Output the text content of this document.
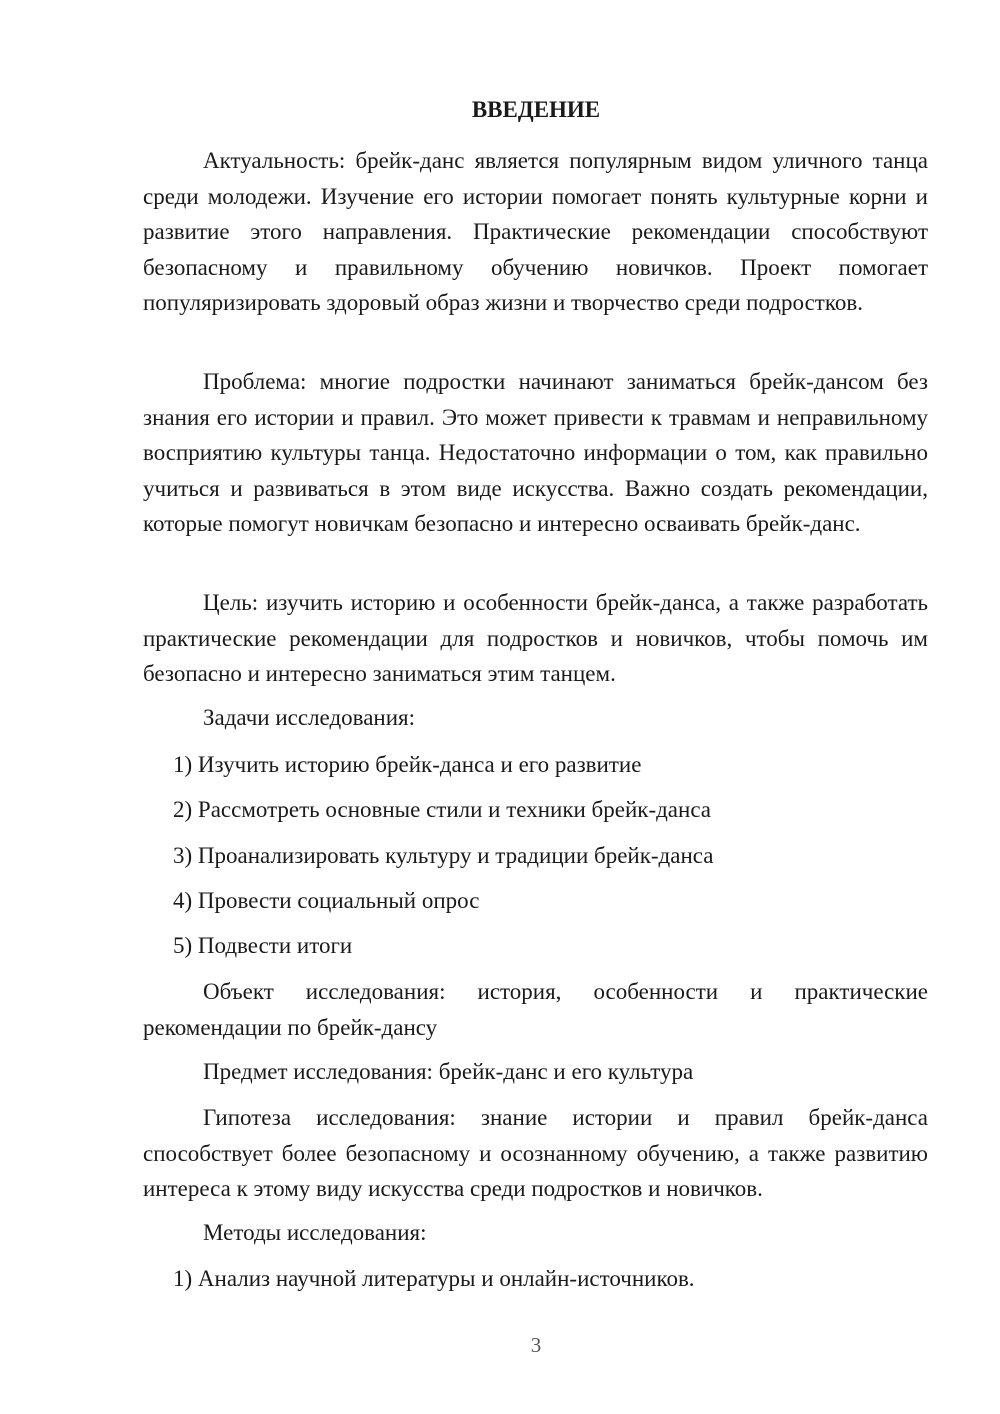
ВВЕДЕНИЕ

Актуальность: брейк-данс является популярным видом уличного танца среди молодежи. Изучение его истории помогает понять культурные корни и развитие этого направления. Практические рекомендации способствуют безопасному и правильному обучению новичков. Проект помогает популяризировать здоровый образ жизни и творчество среди подростков.

Проблема: многие подростки начинают заниматься брейк-дансом без знания его истории и правил. Это может привести к травмам и неправильному восприятию культуры танца. Недостаточно информации о том, как правильно учиться и развиваться в этом виде искусства. Важно создать рекомендации, которые помогут новичкам безопасно и интересно осваивать брейк-данс.

Цель: изучить историю и особенности брейк-данса, а также разработать практические рекомендации для подростков и новичков, чтобы помочь им безопасно и интересно заниматься этим танцем.

Задачи исследования:

1) Изучить историю брейк-данса и его развитие

2) Рассмотреть основные стили и техники брейк-данса

3) Проанализировать культуру и традиции брейк-данса

4) Провести социальный опрос

5) Подвести итоги

Объект исследования: история, особенности и практические рекомендации по брейк-дансу

Предмет исследования: брейк-данс и его культура

Гипотеза исследования: знание истории и правил брейк-данса способствует более безопасному и осознанному обучению, а также развитию интереса к этому виду искусства среди подростков и новичков.

Методы исследования:

1) Анализ научной литературы и онлайн-источников.

3
